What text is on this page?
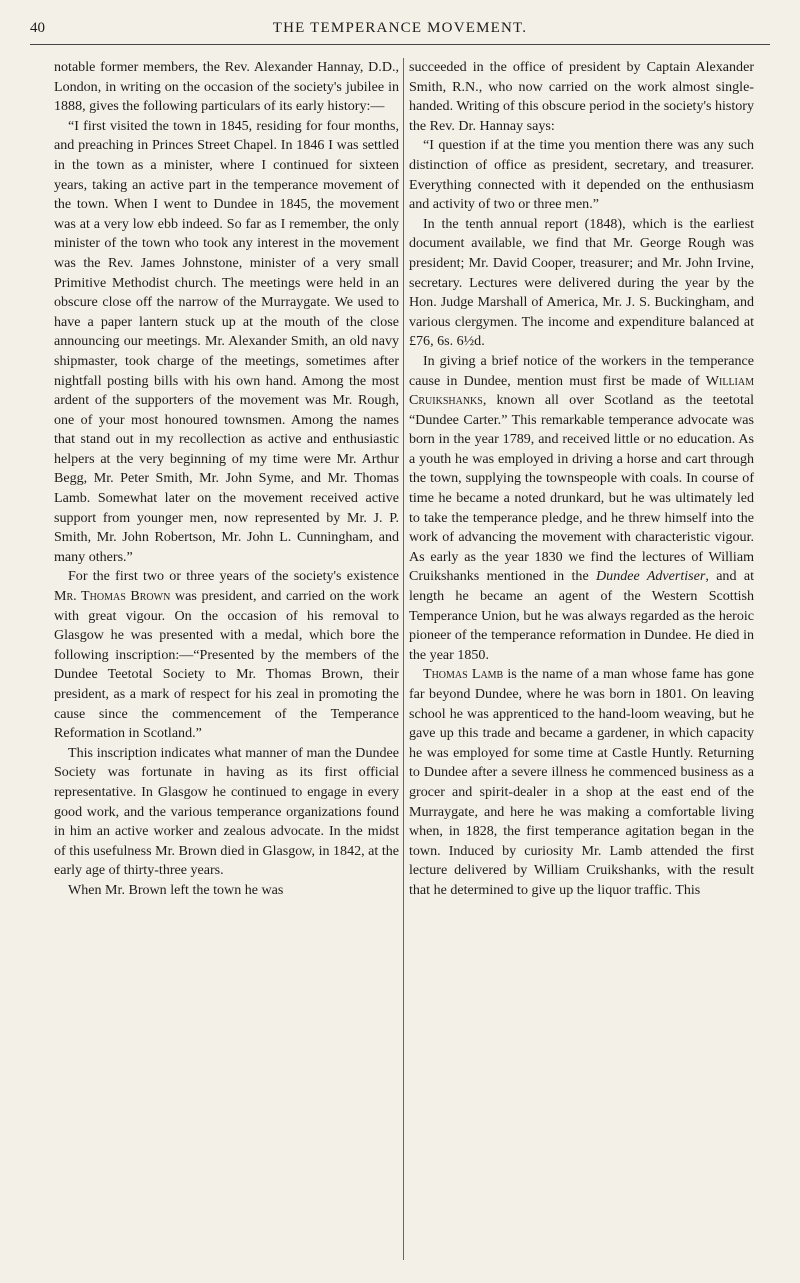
40	THE TEMPERANCE MOVEMENT.

notable former members, the Rev. Alexander Hannay, D.D., London, in writing on the occasion of the society's jubilee in 1888, gives the following particulars of its early history:—

“I first visited the town in 1845, residing for four months, and preaching in Princes Street Chapel. In 1846 I was settled in the town as a minister, where I continued for sixteen years, taking an active part in the temperance movement of the town. When I went to Dundee in 1845, the movement was at a very low ebb indeed. So far as I remember, the only minister of the town who took any interest in the movement was the Rev. James Johnstone, minister of a very small Primitive Methodist church. The meetings were held in an obscure close off the narrow of the Murraygate. We used to have a paper lantern stuck up at the mouth of the close announcing our meetings. Mr. Alexander Smith, an old navy shipmaster, took charge of the meetings, sometimes after nightfall posting bills with his own hand. Among the most ardent of the supporters of the movement was Mr. Rough, one of your most honoured townsmen. Among the names that stand out in my recollection as active and enthusiastic helpers at the very beginning of my time were Mr. Arthur Begg, Mr. Peter Smith, Mr. John Syme, and Mr. Thomas Lamb. Somewhat later on the movement received active support from younger men, now represented by Mr. J. P. Smith, Mr. John Robertson, Mr. John L. Cunningham, and many others.”

For the first two or three years of the society's existence Mr. Thomas Brown was president, and carried on the work with great vigour. On the occasion of his removal to Glasgow he was presented with a medal, which bore the following inscription:—“Presented by the members of the Dundee Teetotal Society to Mr. Thomas Brown, their president, as a mark of respect for his zeal in promoting the cause since the commencement of the Temperance Reformation in Scotland.”

This inscription indicates what manner of man the Dundee Society was fortunate in having as its first official representative. In Glasgow he continued to engage in every good work, and the various temperance organizations found in him an active worker and zealous advocate. In the midst of this usefulness Mr. Brown died in Glasgow, in 1842, at the early age of thirty-three years.

When Mr. Brown left the town he was

succeeded in the office of president by Captain Alexander Smith, R.N., who now carried on the work almost single-handed. Writing of this obscure period in the society's history the Rev. Dr. Hannay says:

“I question if at the time you mention there was any such distinction of office as president, secretary, and treasurer. Everything connected with it depended on the enthusiasm and activity of two or three men.”

In the tenth annual report (1848), which is the earliest document available, we find that Mr. George Rough was president; Mr. David Cooper, treasurer; and Mr. John Irvine, secretary. Lectures were delivered during the year by the Hon. Judge Marshall of America, Mr. J. S. Buckingham, and various clergymen. The income and expenditure balanced at £76, 6s. 6½d.

In giving a brief notice of the workers in the temperance cause in Dundee, mention must first be made of William Cruikshanks, known all over Scotland as the teetotal “Dundee Carter.” This remarkable temperance advocate was born in the year 1789, and received little or no education. As a youth he was employed in driving a horse and cart through the town, supplying the townspeople with coals. In course of time he became a noted drunkard, but he was ultimately led to take the temperance pledge, and he threw himself into the work of advancing the movement with characteristic vigour. As early as the year 1830 we find the lectures of William Cruikshanks mentioned in the Dundee Advertiser, and at length he became an agent of the Western Scottish Temperance Union, but he was always regarded as the heroic pioneer of the temperance reformation in Dundee. He died in the year 1850.

Thomas Lamb is the name of a man whose fame has gone far beyond Dundee, where he was born in 1801. On leaving school he was apprenticed to the hand-loom weaving, but he gave up this trade and became a gardener, in which capacity he was employed for some time at Castle Huntly. Returning to Dundee after a severe illness he commenced business as a grocer and spirit-dealer in a shop at the east end of the Murraygate, and here he was making a comfortable living when, in 1828, the first temperance agitation began in the town. Induced by curiosity Mr. Lamb attended the first lecture delivered by William Cruikshanks, with the result that he determined to give up the liquor traffic. This
